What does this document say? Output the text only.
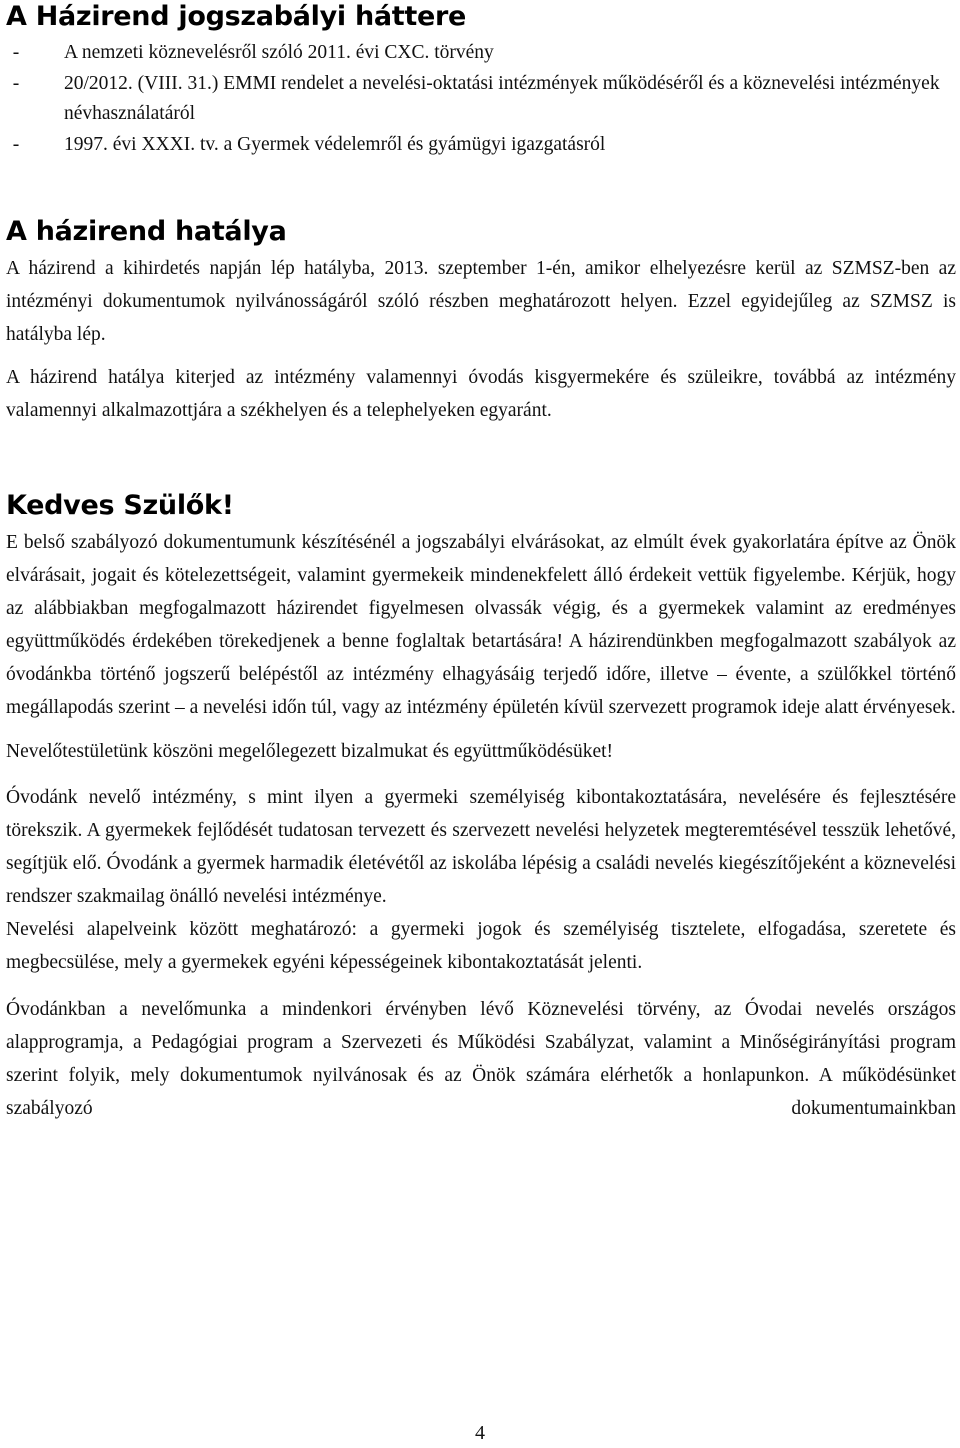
A Házirend jogszabályi háttere
-	A nemzeti köznevelésről szóló 2011. évi CXC. törvény
-	20/2012. (VIII. 31.) EMMI rendelet a nevelési-oktatási intézmények működéséről és a köznevelési intézmények névhasználatáról
-	1997. évi XXXI. tv. a Gyermek védelemről és gyámügyi igazgatásról
A házirend hatálya

A házirend a kihirdetés napján lép hatályba, 2013. szeptember 1-én, amikor elhelyezésre kerül az SZMSZ-ben az intézményi dokumentumok nyilvánosságáról szóló részben meghatározott helyen. Ezzel egyidejűleg az SZMSZ is hatályba lép.

A házirend hatálya kiterjed az intézmény valamennyi óvodás kisgyermekére és szüleikre, továbbá az intézmény valamennyi alkalmazottjára a székhelyen és a telephelyeken egyaránt.

Kedves Szülők!

E belső szabályozó dokumentumunk készítésénél a jogszabályi elvárásokat, az elmúlt évek gyakorlatára építve az Önök elvárásait, jogait és kötelezettségeit, valamint gyermekeik mindenekfelett álló érdekeit vettük figyelembe. Kérjük, hogy az alábbiakban megfogalmazott házirendet figyelmesen olvassák végig, és a gyermekek valamint az eredményes együttműködés érdekében törekedjenek a benne foglaltak betartására! A házirendünkben megfogalmazott szabályok az óvodánkba történő jogszerű belépéstől az intézmény elhagyásáig terjedő időre, illetve – évente, a szülőkkel történő megállapodás szerint – a nevelési időn túl, vagy az intézmény épületén kívül szervezett programok ideje alatt érvényesek.

Nevelőtestületünk köszöni megelőlegezett bizalmukat és együttműködésüket!

Óvodánk nevelő intézmény, s mint ilyen a gyermeki személyiség kibontakoztatására, nevelésére és fejlesztésére törekszik. A gyermekek fejlődését tudatosan tervezett és szervezett nevelési helyzetek megteremtésével tesszük lehetővé, segítjük elő. Óvodánk a gyermek harmadik életévétől az iskolába lépésig a családi nevelés kiegészítőjeként a köznevelési rendszer szakmailag önálló nevelési intézménye.

Nevelési alapelveink között meghatározó: a gyermeki jogok és személyiség tisztelete, elfogadása, szeretete és megbecsülése, mely a gyermekek egyéni képességeinek kibontakoztatását jelenti.

Óvodánkban a nevelőmunka a mindenkori érvényben lévő Köznevelési törvény, az Óvodai nevelés országos alapprogramja, a Pedagógiai program a Szervezeti és Működési Szabályzat, valamint a Minőségirányítási program szerint folyik, mely dokumentumok nyilvánosak és az Önök számára elérhetők a honlapunkon. A működésünket szabályozó dokumentumainkban

4
